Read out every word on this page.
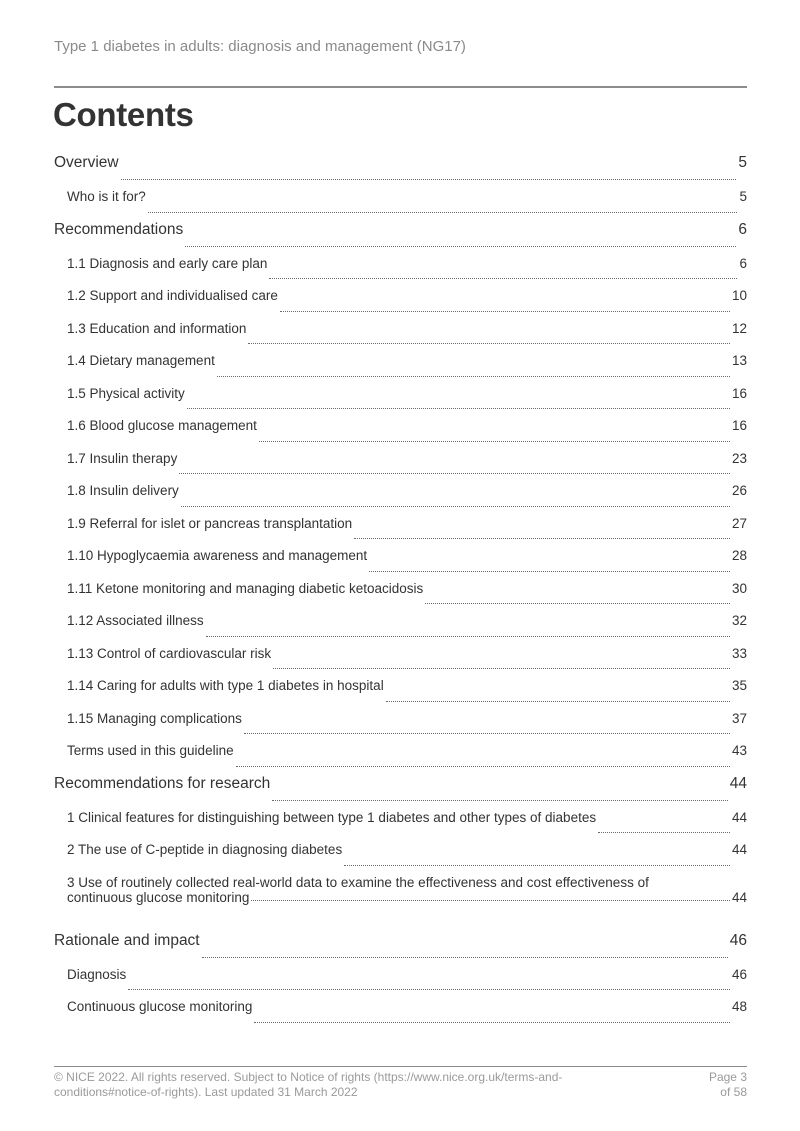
Type 1 diabetes in adults: diagnosis and management (NG17)
Contents
Overview	5
Who is it for?	5
Recommendations	6
1.1 Diagnosis and early care plan	6
1.2 Support and individualised care	10
1.3 Education and information	12
1.4 Dietary management	13
1.5 Physical activity	16
1.6 Blood glucose management	16
1.7 Insulin therapy	23
1.8 Insulin delivery	26
1.9 Referral for islet or pancreas transplantation	27
1.10 Hypoglycaemia awareness and management	28
1.11 Ketone monitoring and managing diabetic ketoacidosis	30
1.12 Associated illness	32
1.13 Control of cardiovascular risk	33
1.14 Caring for adults with type 1 diabetes in hospital	35
1.15 Managing complications	37
Terms used in this guideline	43
Recommendations for research	44
1 Clinical features for distinguishing between type 1 diabetes and other types of diabetes	44
2 The use of C-peptide in diagnosing diabetes	44
3 Use of routinely collected real-world data to examine the effectiveness and cost effectiveness of
continuous glucose monitoring	44
Rationale and impact	46
Diagnosis	46
Continuous glucose monitoring	48
© NICE 2022. All rights reserved. Subject to Notice of rights (https://www.nice.org.uk/terms-and-
conditions#notice-of-rights). Last updated 31 March 2022
Page 3
of 58
